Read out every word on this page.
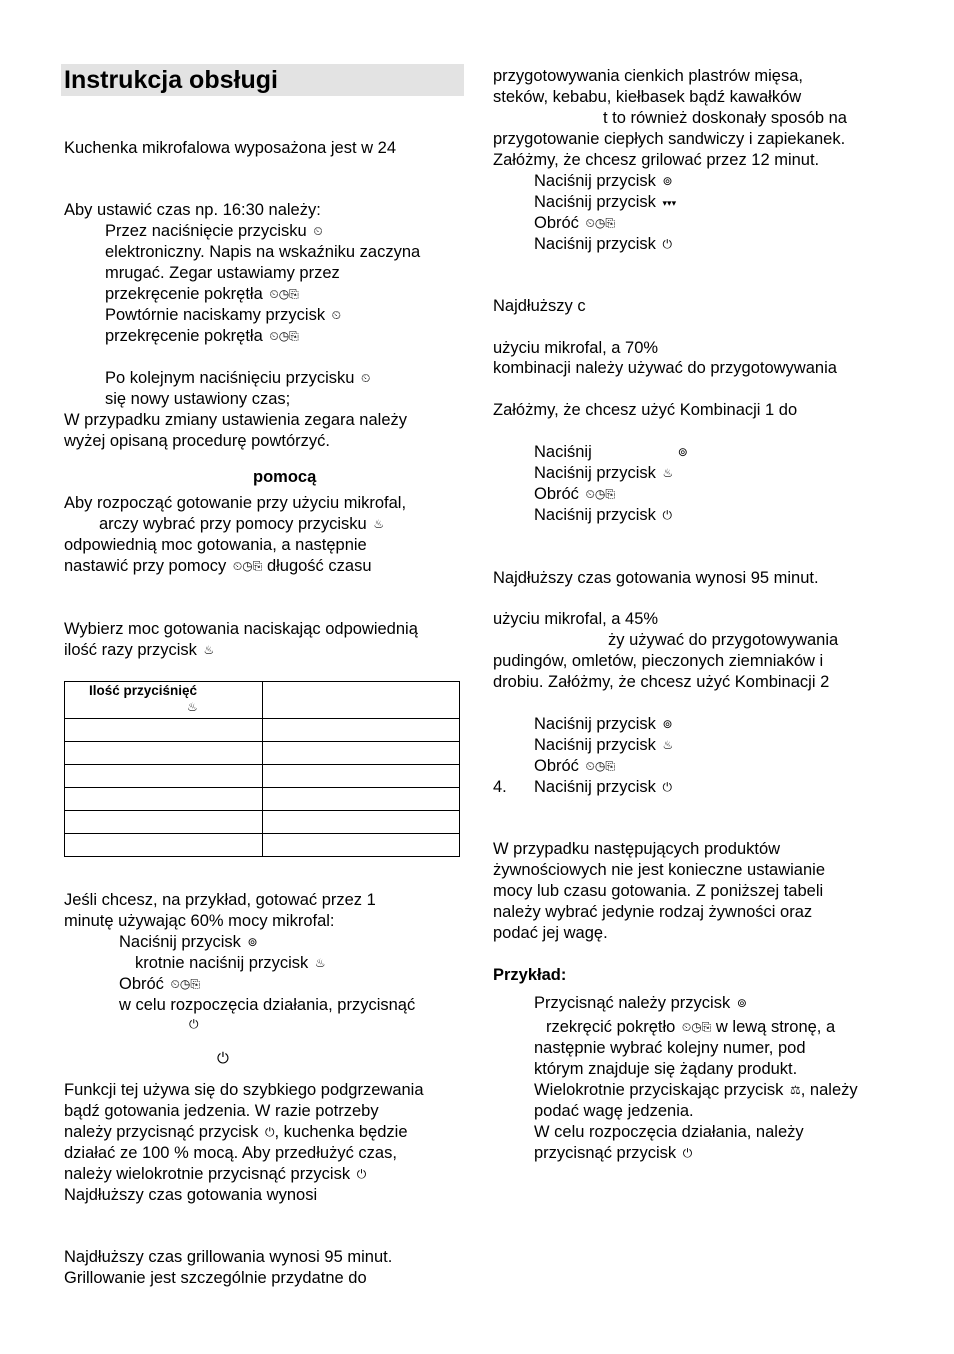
Instrukcja obsługi
Kuchenka mikrofalowa wyposażona jest w 24
Aby ustawić czas np. 16:30 należy:
Przez naciśnięcie przycisku ⏲
elektroniczny. Napis na wskaźniku zaczyna
mrugać. Zegar ustawiamy przez
przekręcenie pokrętła ⏲◷⎘
Powtórnie naciskamy przycisk ⏲
przekręcenie pokrętła ⏲◷⎘
Po kolejnym naciśnięciu przycisku ⏲
się nowy ustawiony czas;
W przypadku zmiany ustawienia zegara należy
wyżej opisaną procedurę powtórzyć.
pomocą
Aby rozpocząć gotowanie przy użyciu mikrofal,
arczy wybrać przy pomocy przycisku ♨
odpowiednią moc gotowania, a następnie
nastawić przy pomocy ⏲◷⎘ długość czasu
Wybierz moc gotowania naciskając odpowiednią
ilość razy przycisk ♨
Ilość przyciśnięć
♨	

Jeśli chcesz, na przykład, gotować przez 1
minutę używając 60% mocy mikrofal:
Naciśnij przycisk ⊚
krotnie naciśnij przycisk ♨
Obróć ⏲◷⎘
w celu rozpoczęcia działania, przycisnąć
⏻
⏻
Funkcji tej używa się do szybkiego podgrzewania
bądź gotowania jedzenia. W razie potrzeby
należy przycisnąć przycisk ⏻, kuchenka będzie
działać ze 100 % mocą. Aby przedłużyć czas,
należy wielokrotnie przycisnąć przycisk ⏻
Najdłuższy czas gotowania wynosi
Najdłuższy czas grillowania wynosi 95 minut.
Grillowanie jest szczególnie przydatne do
przygotowywania cienkich plastrów mięsa,
steków, kebabu, kiełbasek bądź kawałków
t to również doskonały sposób na
przygotowanie ciepłych sandwiczy i zapiekanek.
Załóżmy, że chcesz grilować przez 12 minut.
Naciśnij przycisk ⊚
Naciśnij przycisk ▾▾▾
Obróć ⏲◷⎘
Naciśnij przycisk ⏻
Najdłuższy c
użyciu mikrofal, a 70%
kombinacji należy używać do przygotowywania
Załóżmy, że chcesz użyć Kombinacji 1 do
Naciśnij	⊚
Naciśnij przycisk ♨
Obróć ⏲◷⎘
Naciśnij przycisk ⏻
Najdłuższy czas gotowania wynosi 95 minut.
użyciu mikrofal, a 45%
ży używać do przygotowywania
pudingów, omletów, pieczonych ziemniaków i
drobiu. Załóżmy, że chcesz użyć Kombinacji 2
Naciśnij przycisk ⊚
Naciśnij przycisk ♨
Obróć ⏲◷⎘
4. Naciśnij przycisk ⏻
W przypadku następujących produktów
żywnościowych nie jest konieczne ustawianie
mocy lub czasu gotowania. Z poniższej tabeli
należy wybrać jedynie rodzaj żywności oraz
podać jej wagę.
Przykład:
Przycisnąć należy przycisk ⊚
rzekręcić pokrętło ⏲◷⎘ w lewą stronę, a
następnie wybrać kolejny numer, pod
którym znajduje się żądany produkt.
Wielokrotnie przyciskając przycisk ⚖, należy
podać wagę jedzenia.
W celu rozpoczęcia działania, należy
przycisnąć przycisk ⏻
